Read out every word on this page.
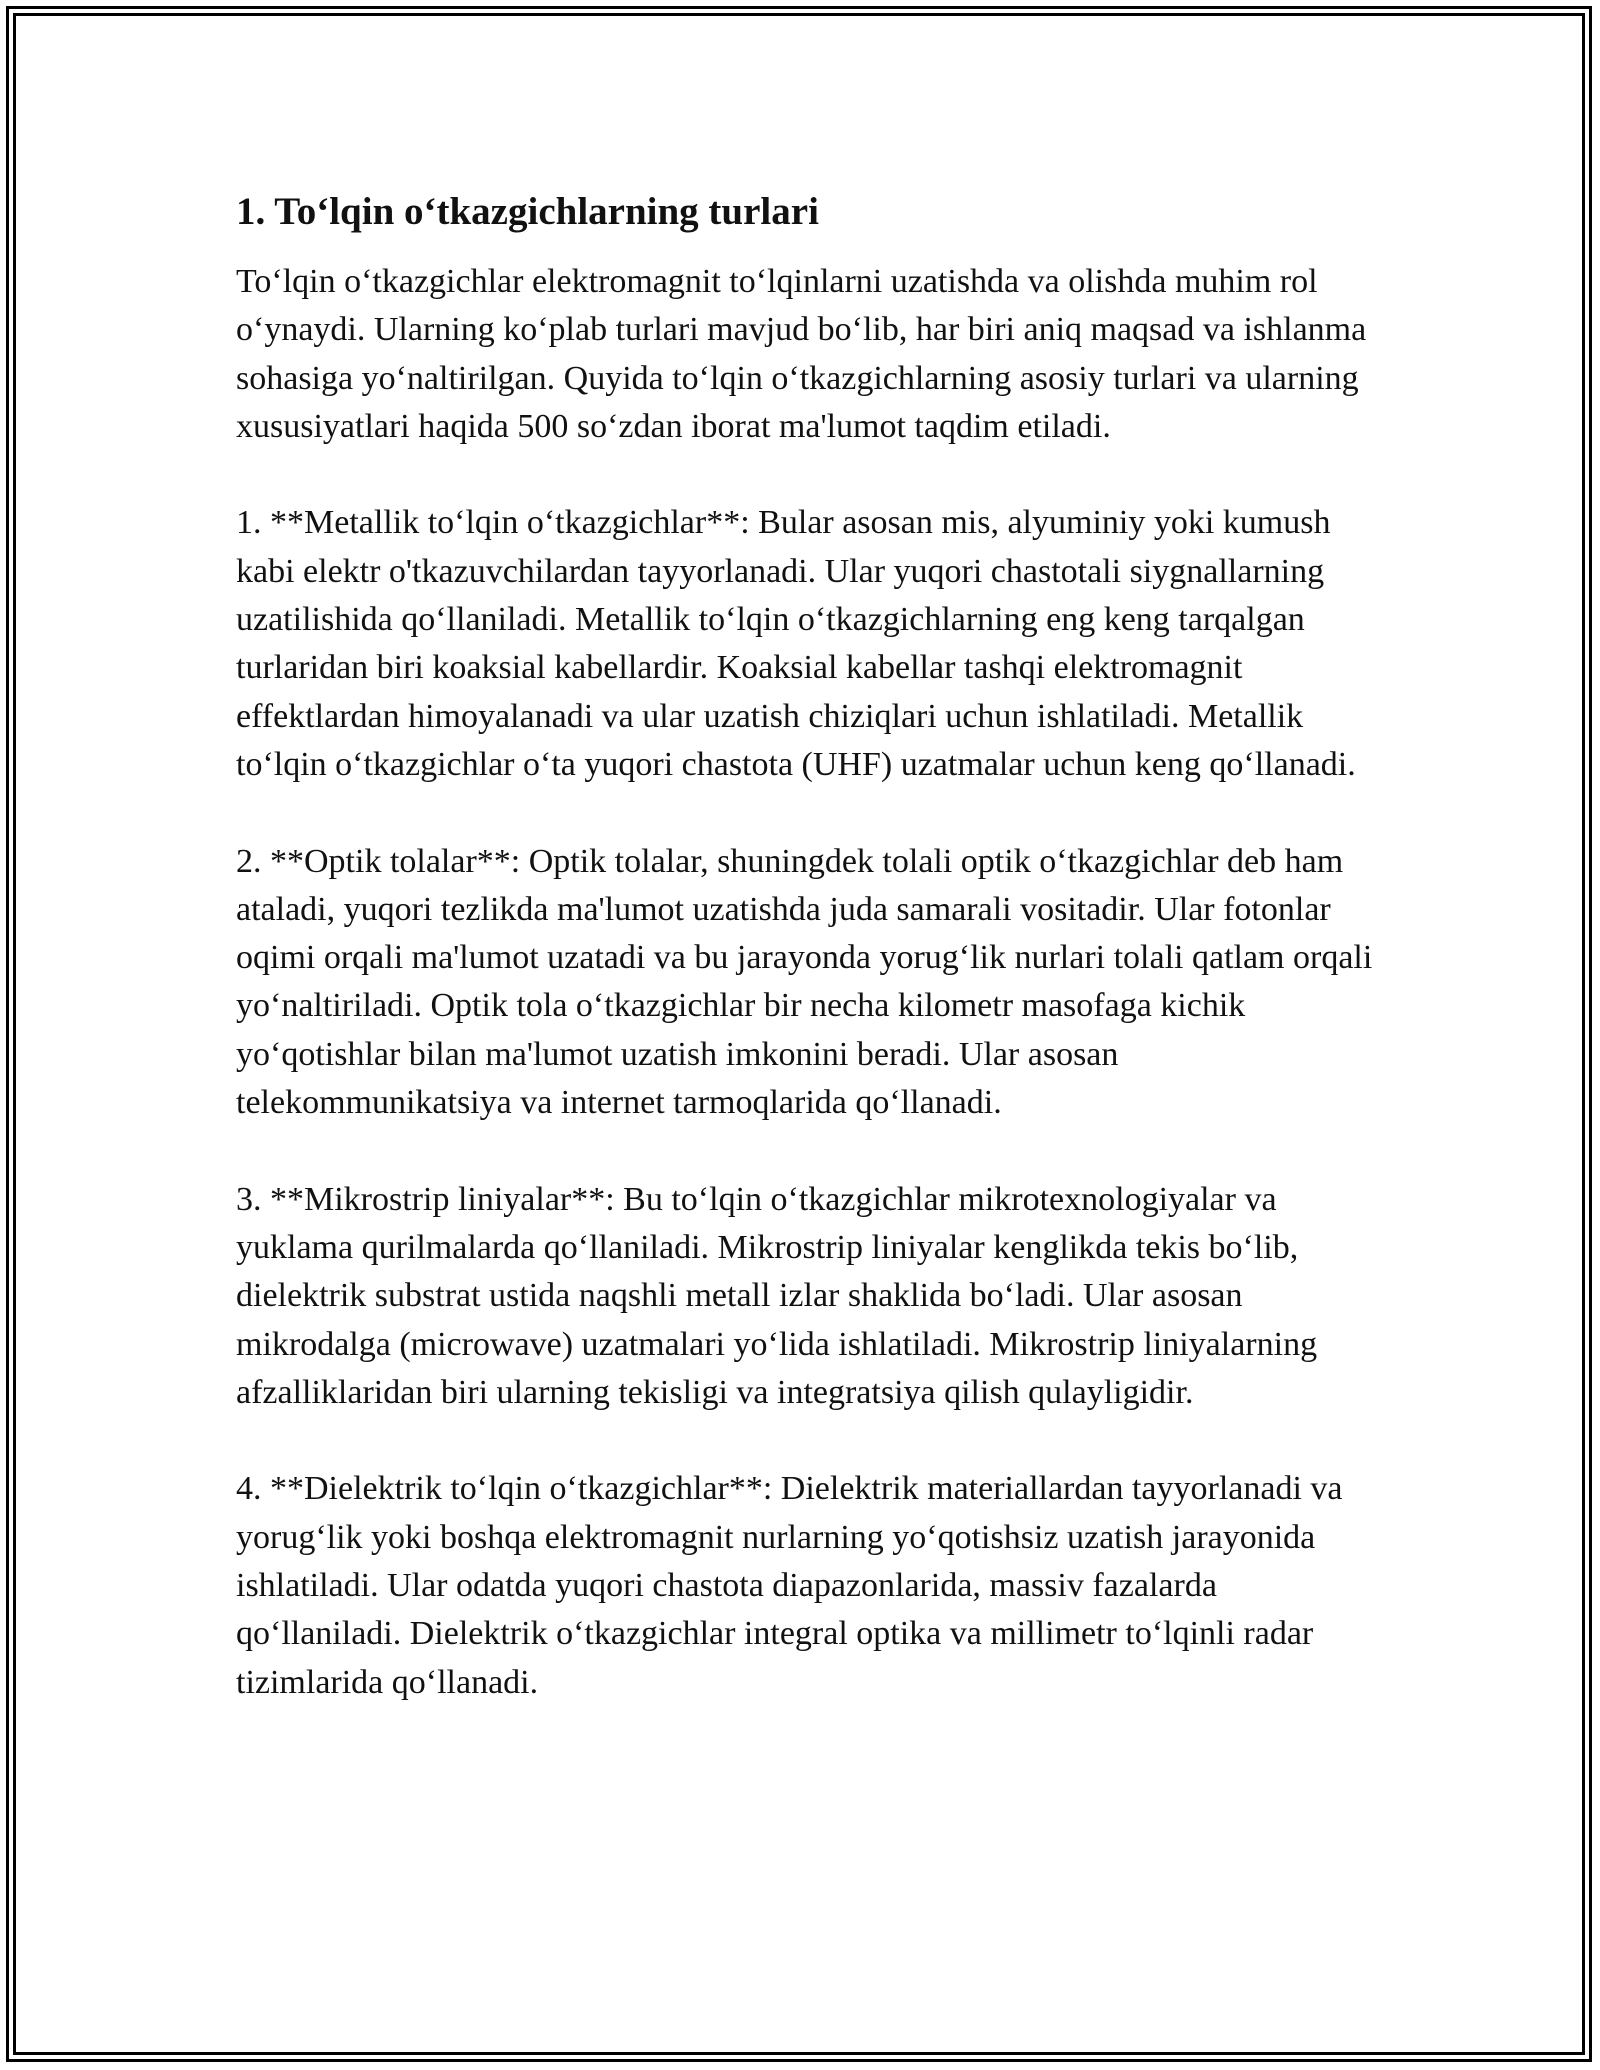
1. To‘lqin o‘tkazgichlarning turlari

To‘lqin o‘tkazgichlar elektromagnit to‘lqinlarni uzatishda va olishda muhim rol o‘ynaydi. Ularning ko‘plab turlari mavjud bo‘lib, har biri aniq maqsad va ishlanma sohasiga yo‘naltirilgan. Quyida to‘lqin o‘tkazgichlarning asosiy turlari va ularning xususiyatlari haqida 500 so‘zdan iborat ma'lumot taqdim etiladi.

1. **Metallik to‘lqin o‘tkazgichlar**: Bular asosan mis, alyuminiy yoki kumush kabi elektr o'tkazuvchilardan tayyorlanadi. Ular yuqori chastotali siygnallarning uzatilishida qo‘llaniladi. Metallik to‘lqin o‘tkazgichlarning eng keng tarqalgan turlaridan biri koaksial kabellardir. Koaksial kabellar tashqi elektromagnit effektlardan himoyalanadi va ular uzatish chiziqlari uchun ishlatiladi. Metallik to‘lqin o‘tkazgichlar o‘ta yuqori chastota (UHF) uzatmalar uchun keng qo‘llanadi.

2. **Optik tolalar**: Optik tolalar, shuningdek tolali optik o‘tkazgichlar deb ham ataladi, yuqori tezlikda ma'lumot uzatishda juda samarali vositadir. Ular fotonlar oqimi orqali ma'lumot uzatadi va bu jarayonda yorug‘lik nurlari tolali qatlam orqali yo‘naltiriladi. Optik tola o‘tkazgichlar bir necha kilometr masofaga kichik yo‘qotishlar bilan ma'lumot uzatish imkonini beradi. Ular asosan telekommunikatsiya va internet tarmoqlarida qo‘llanadi.

3. **Mikrostrip liniyalar**: Bu to‘lqin o‘tkazgichlar mikrotexnologiyalar va yuklama qurilmalarda qo‘llaniladi. Mikrostrip liniyalar kenglikda tekis bo‘lib, dielektrik substrat ustida naqshli metall izlar shaklida bo‘ladi. Ular asosan mikrodalga (microwave) uzatmalari yo‘lida ishlatiladi. Mikrostrip liniyalarning afzalliklaridan biri ularning tekisligi va integratsiya qilish qulayligidir.

4. **Dielektrik to‘lqin o‘tkazgichlar**: Dielektrik materiallardan tayyorlanadi va yorug‘lik yoki boshqa elektromagnit nurlarning yo‘qotishsiz uzatish jarayonida ishlatiladi. Ular odatda yuqori chastota diapazonlarida, massiv fazalarda qo‘llaniladi. Dielektrik o‘tkazgichlar integral optika va millimetr to‘lqinli radar tizimlarida qo‘llanadi.
